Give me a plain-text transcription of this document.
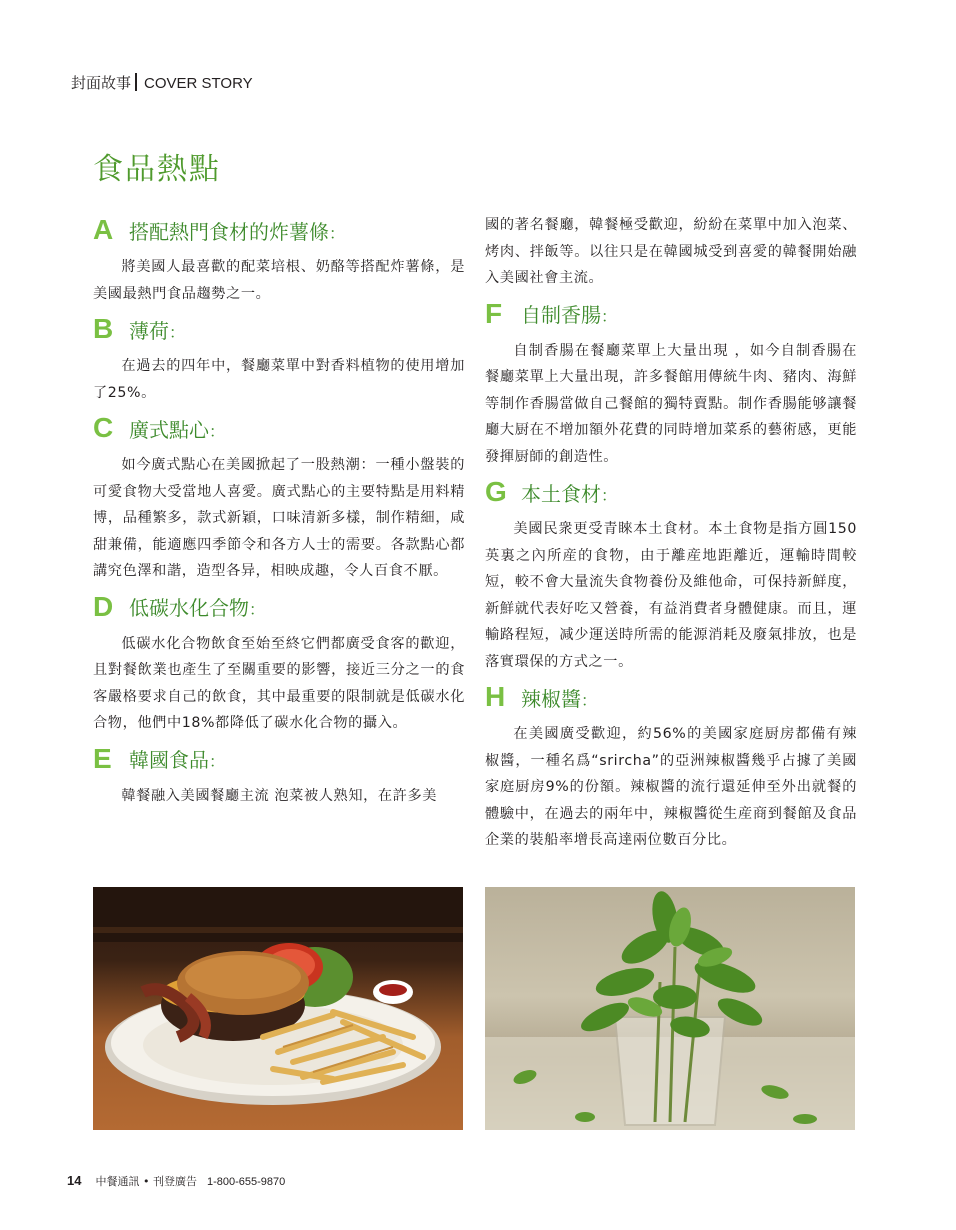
封面故事 COVER STORY
食品熱點
A 搭配熱門食材的炸薯條 ：
將美國人最喜歡的配菜培根、奶酪等搭配炸薯條，是美國最熱門食品趨勢之一。
B 薄荷 ：
在過去的四年中，餐廳菜單中對香料植物的使用增加了25%。
C 廣式點心 ：
如今廣式點心在美國掀起了一股熱潮：一種小盤裝的可愛食物大受當地人喜愛。廣式點心的主要特點是用料精博，品種繁多，款式新穎，口味清新多樣，制作精細，咸甜兼備，能適應四季節令和各方人士的需要。各款點心都講究色澤和諧，造型各异，相映成趣，令人百食不厭。
D 低碳水化合物 ：
低碳水化合物飲食至始至終它們都廣受食客的歡迎，且對餐飲業也產生了至關重要的影響，接近三分之一的食客嚴格要求自己的飲食，其中最重要的限制就是低碳水化合物，他們中18%都降低了碳水化合物的攝入。
E 韓國食品 ：
韓餐融入美國餐廳主流 泡菜被人熟知，在許多美
國的著名餐廳，韓餐極受歡迎，紛紛在菜單中加入泡菜、烤肉、拌飯等。以往只是在韓國城受到喜愛的韓餐開始融入美國社會主流。
F 自制香腸 ：
自制香腸在餐廳菜單上大量出現 ，如今自制香腸在餐廳菜單上大量出現，許多餐館用傳統牛肉、豬肉、海鮮等制作香腸當做自己餐館的獨特賣點。制作香腸能够讓餐廳大厨在不增加額外花費的同時增加菜系的藝術感，更能發揮厨師的創造性。
G 本土食材 ：
美國民衆更受青睞本土食材。本土食物是指方圓150英裏之內所産的食物，由于離産地距離近，運輸時間較短，較不會大量流失食物養份及維他命，可保持新鮮度，新鮮就代表好吃又營養，有益消費者身體健康。而且，運輸路程短，减少運送時所需的能源消耗及廢氣排放，也是落實環保的方式之一。
H 辣椒醬 ：
在美國廣受歡迎，約56%的美國家庭厨房都備有辣椒醬，一種名爲“srircha”的亞洲辣椒醬幾乎占據了美國家庭厨房9%的份額。辣椒醬的流行還延伸至外出就餐的體驗中，在過去的兩年中，辣椒醬從生産商到餐館及食品企業的裝船率增長高達兩位數百分比。
14 中餐通訊 • 刊登廣告 1-800-655-9870
